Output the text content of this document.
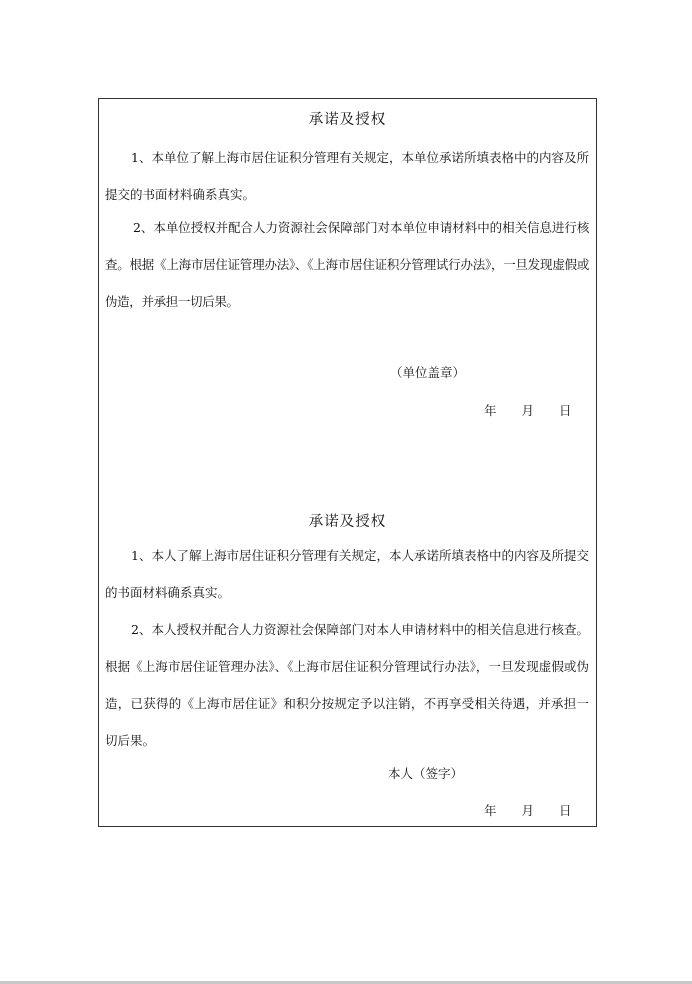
承诺及授权

1、本单位了解上海市居住证积分管理有关规定，本单位承诺所填表格中的内容及所提交的书面材料确系真实。

2、本单位授权并配合人力资源社会保障部门对本单位申请材料中的相关信息进行核查。根据《上海市居住证管理办法》、《上海市居住证积分管理试行办法》，一旦发现虚假或伪造，并承担一切后果。

（单位盖章）
年　　月　　日
承诺及授权

1、本人了解上海市居住证积分管理有关规定，本人承诺所填表格中的内容及所提交的书面材料确系真实。

2、本人授权并配合人力资源社会保障部门对本人申请材料中的相关信息进行核查。根据《上海市居住证管理办法》、《上海市居住证积分管理试行办法》，一旦发现虚假或伪造，已获得的《上海市居住证》和积分按规定予以注销，不再享受相关待遇，并承担一切后果。

本人（签字）
年　　月　　日
